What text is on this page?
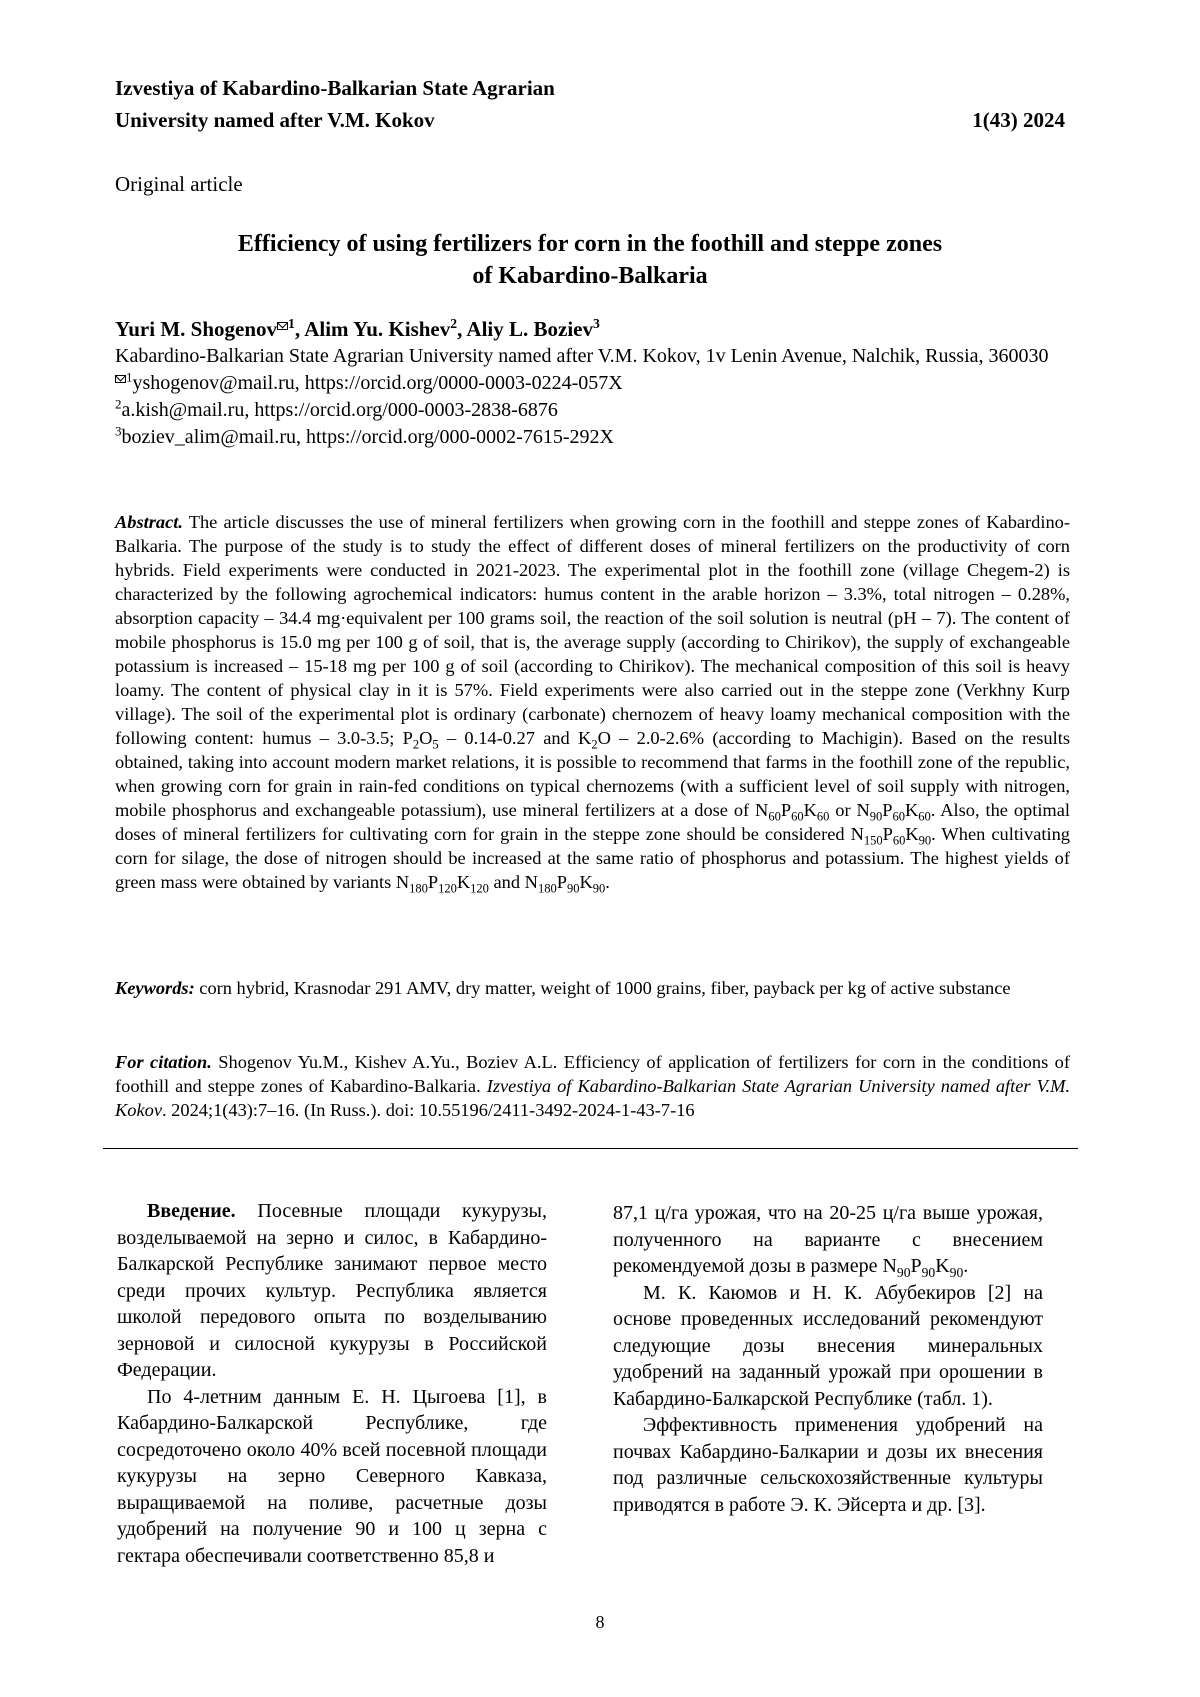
Izvestiya of Kabardino-Balkarian State Agrarian
University named after V.M. Kokov	1(43) 2024
Original article
Efficiency of using fertilizers for corn in the foothill and steppe zones
of Kabardino-Balkaria
Yuri M. Shogenov $^1$, Alim Yu. Kishev$^2$, Aliy L. Boziev$^3$
Kabardino-Balkarian State Agrarian University named after V.M. Kokov, 1v Lenin Avenue, Nalchik, Russia, 360030
$^1$yshogenov@mail.ru, https://orcid.org/0000-0003-0224-057X
$^2$a.kish@mail.ru, https://orcid.org/000-0003-2838-6876
$^3$boziev_alim@mail.ru, https://orcid.org/000-0002-7615-292X
Abstract. The article discusses the use of mineral fertilizers when growing corn in the foothill and steppe zones of Kabardino-Balkaria. The purpose of the study is to study the effect of different doses of mineral fertilizers on the productivity of corn hybrids. Field experiments were conducted in 2021-2023. The experimental plot in the foothill zone (village Chegem-2) is characterized by the following agrochemical indicators: humus content in the arable horizon – 3.3%, total nitrogen – 0.28%, absorption capacity – 34.4 mg·equivalent per 100 grams soil, the reaction of the soil solution is neutral (pH – 7). The content of mobile phosphorus is 15.0 mg per 100 g of soil, that is, the average supply (according to Chirikov), the supply of exchangeable potassium is increased – 15-18 mg per 100 g of soil (according to Chirikov). The mechanical composition of this soil is heavy loamy. The content of physical clay in it is 57%. Field experiments were also carried out in the steppe zone (Verkhny Kurp village). The soil of the experimental plot is ordinary (carbonate) chernozem of heavy loamy mechanical composition with the following content: humus – 3.0-3.5; $P_2O_5 - 0.14-0.27$ and $K_2O - 2.0-2.6\%$ (according to Machigin). Based on the results obtained, taking into account modern market relations, it is possible to recommend that farms in the foothill zone of the republic, when growing corn for grain in rain-fed conditions on typical chernozems (with a sufficient level of soil supply with nitrogen, mobile phosphorus and exchangeable potassium), use mineral fertilizers at a dose of $N_{60}P_{60}K_{60}$ or $N_{90}P_{60}K_{60}$. Also, the optimal doses of mineral fertilizers for cultivating corn for grain in the steppe zone should be considered $N_{150}P_{60}K_{90}$. When cultivating corn for silage, the dose of nitrogen should be increased at the same ratio of phosphorus and potassium. The highest yields of green mass were obtained by variants $N_{180}P_{120}K_{120}$ and $N_{180}P_{90}K_{90}$.
Keywords: corn hybrid, Krasnodar 291 AMV, dry matter, weight of 1000 grains, fiber, payback per kg of active substance
For citation. Shogenov Yu.M., Kishev A.Yu., Boziev A.L. Efficiency of application of fertilizers for corn in the conditions of foothill and steppe zones of Kabardino-Balkaria. Izvestiya of Kabardino-Balkarian State Agrarian University named after V.M. Kokov. 2024;1(43):7–16. (In Russ.). doi: 10.55196/2411-3492-2024-1-43-7-16

Введение. Посевные площади кукурузы, возделываемой на зерно и силос, в Кабардино-Балкарской Республике занимают первое место среди прочих культур. Республика является школой передового опыта по возделыванию зерновой и силосной кукурузы в Российской Федерации.

По 4-летним данным Е. Н. Цыгоева [1], в Кабардино-Балкарской Республике, где сосредоточено около 40% всей посевной площади кукурузы на зерно Северного Кавказа, выращиваемой на поливе, расчетные дозы удобрений на получение 90 и 100 ц зерна с гектара обеспечивали соответственно 85,8 и

87,1 ц/га урожая, что на 20-25 ц/га выше урожая, полученного на варианте с внесением рекомендуемой дозы в размере $N_{90}P_{90}K_{90}$.

М. К. Каюмов и Н. К. Абубекиров [2] на основе проведенных исследований рекомендуют следующие дозы внесения минеральных удобрений на заданный урожай при орошении в Кабардино-Балкарской Республике (табл. 1).

Эффективность применения удобрений на почвах Кабардино-Балкарии и дозы их внесения под различные сельскохозяйственные культуры приводятся в работе Э. К. Эйсерта и др. [3].

8
